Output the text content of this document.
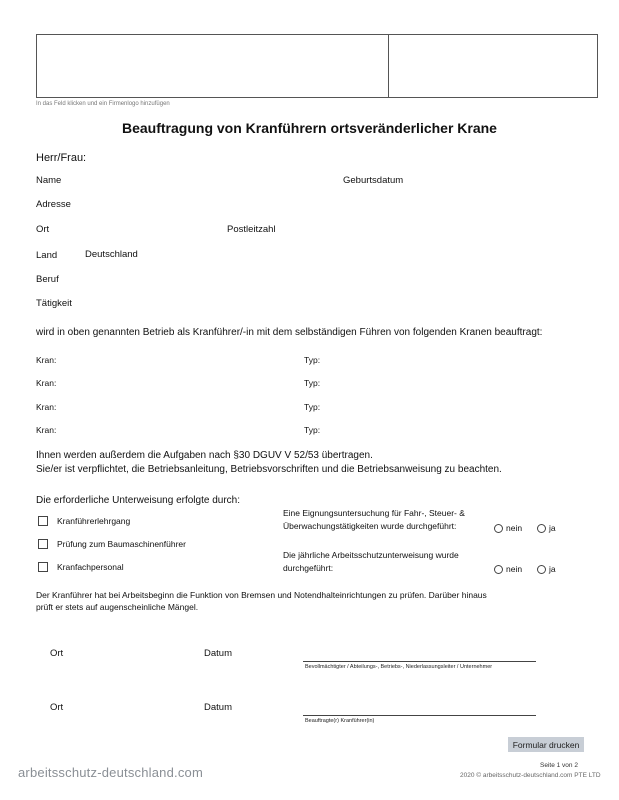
In das Feld klicken und ein Firmenlogo hinzufügen
Beauftragung von Kranführern ortsveränderlicher Krane
Herr/Frau:
Name	Geburtsdatum
Adresse
Ort	Postleitzahl
Land	Deutschland
Beruf
Tätigkeit
wird in oben genannten Betrieb als Kranführer/-in mit dem selbständigen Führen von folgenden Kranen beauftragt:
Kran:	Typ:
Kran:	Typ:
Kran:	Typ:
Kran:	Typ:
Ihnen werden außerdem die Aufgaben nach §30 DGUV V 52/53 übertragen.
Sie/er ist verpflichtet, die Betriebsanleitung, Betriebsvorschriften und die Betriebsanweisung zu beachten.
Die erforderliche Unterweisung erfolgte durch:
Kranführerlehrgang
Prüfung zum Baumaschinenführer
Kranfachpersonal
Eine Eignungsuntersuchung für Fahr-, Steuer- &
Überwachungstätigkeiten wurde durchgeführt:	nein	ja
Die jährliche Arbeitsschutzunterweisung wurde
durchgeführt:	nein	ja
Der Kranführer hat bei Arbeitsbeginn die Funktion von Bremsen und Notendhalteinrichtungen zu prüfen. Darüber hinaus
prüft er stets auf augenscheinliche Mängel.
Ort	Datum
Bevollmächtigter / Abteilungs-, Betriebs-, Niederlassungsleiter / Unternehmer
Ort	Datum
Beauftragte(r) Kranführer(in)
Formular drucken
arbeitsschutz-deutschland.com	Seite 1 von 2
2020 © arbeitsschutz-deutschland.com PTE LTD
